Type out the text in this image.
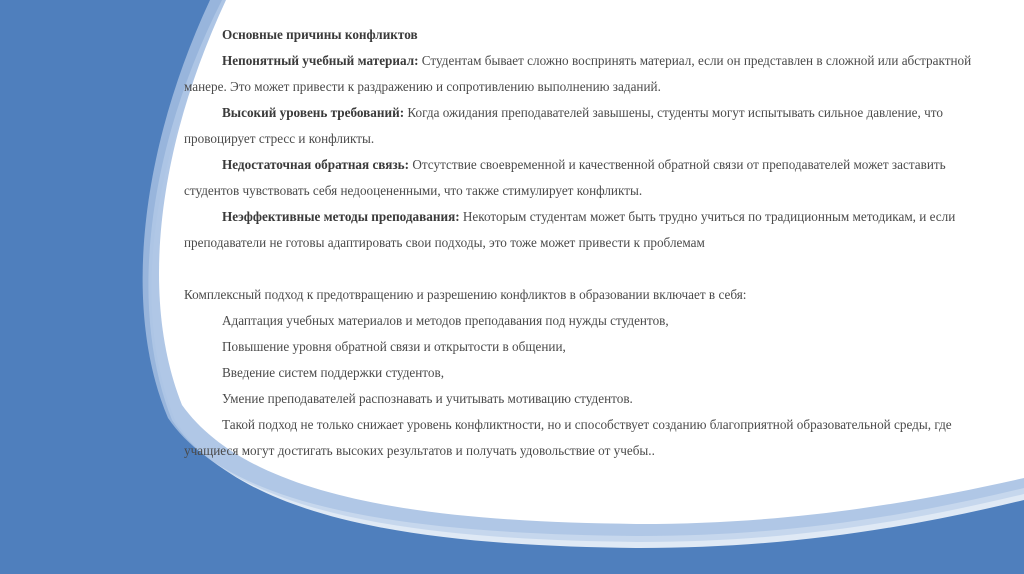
Основные причины конфликтов

Непонятный учебный материал: Студентам бывает сложно воспринять материал, если он представлен в сложной или абстрактной манере. Это может привести к раздражению и сопротивлению выполнению заданий.

Высокий уровень требований: Когда ожидания преподавателей завышены, студенты могут испытывать сильное давление, что провоцирует стресс и конфликты.

Недостаточная обратная связь: Отсутствие своевременной и качественной обратной связи от преподавателей может заставить студентов чувствовать себя недооцененными, что также стимулирует конфликты.

Неэффективные методы преподавания: Некоторым студентам может быть трудно учиться по традиционным методикам, и если преподаватели не готовы адаптировать свои подходы, это тоже может привести к проблемам

Комплексный подход к предотвращению и разрешению конфликтов в образовании включает в себя:

Адаптация учебных материалов и методов преподавания под нужды студентов,

Повышение уровня обратной связи и открытости в общении,

Введение систем поддержки студентов,

Умение преподавателей распознавать и учитывать мотивацию студентов.

Такой подход не только снижает уровень конфликтности, но и способствует созданию благоприятной образовательной среды, где учащиеся могут достигать высоких результатов и получать удовольствие от учебы..
